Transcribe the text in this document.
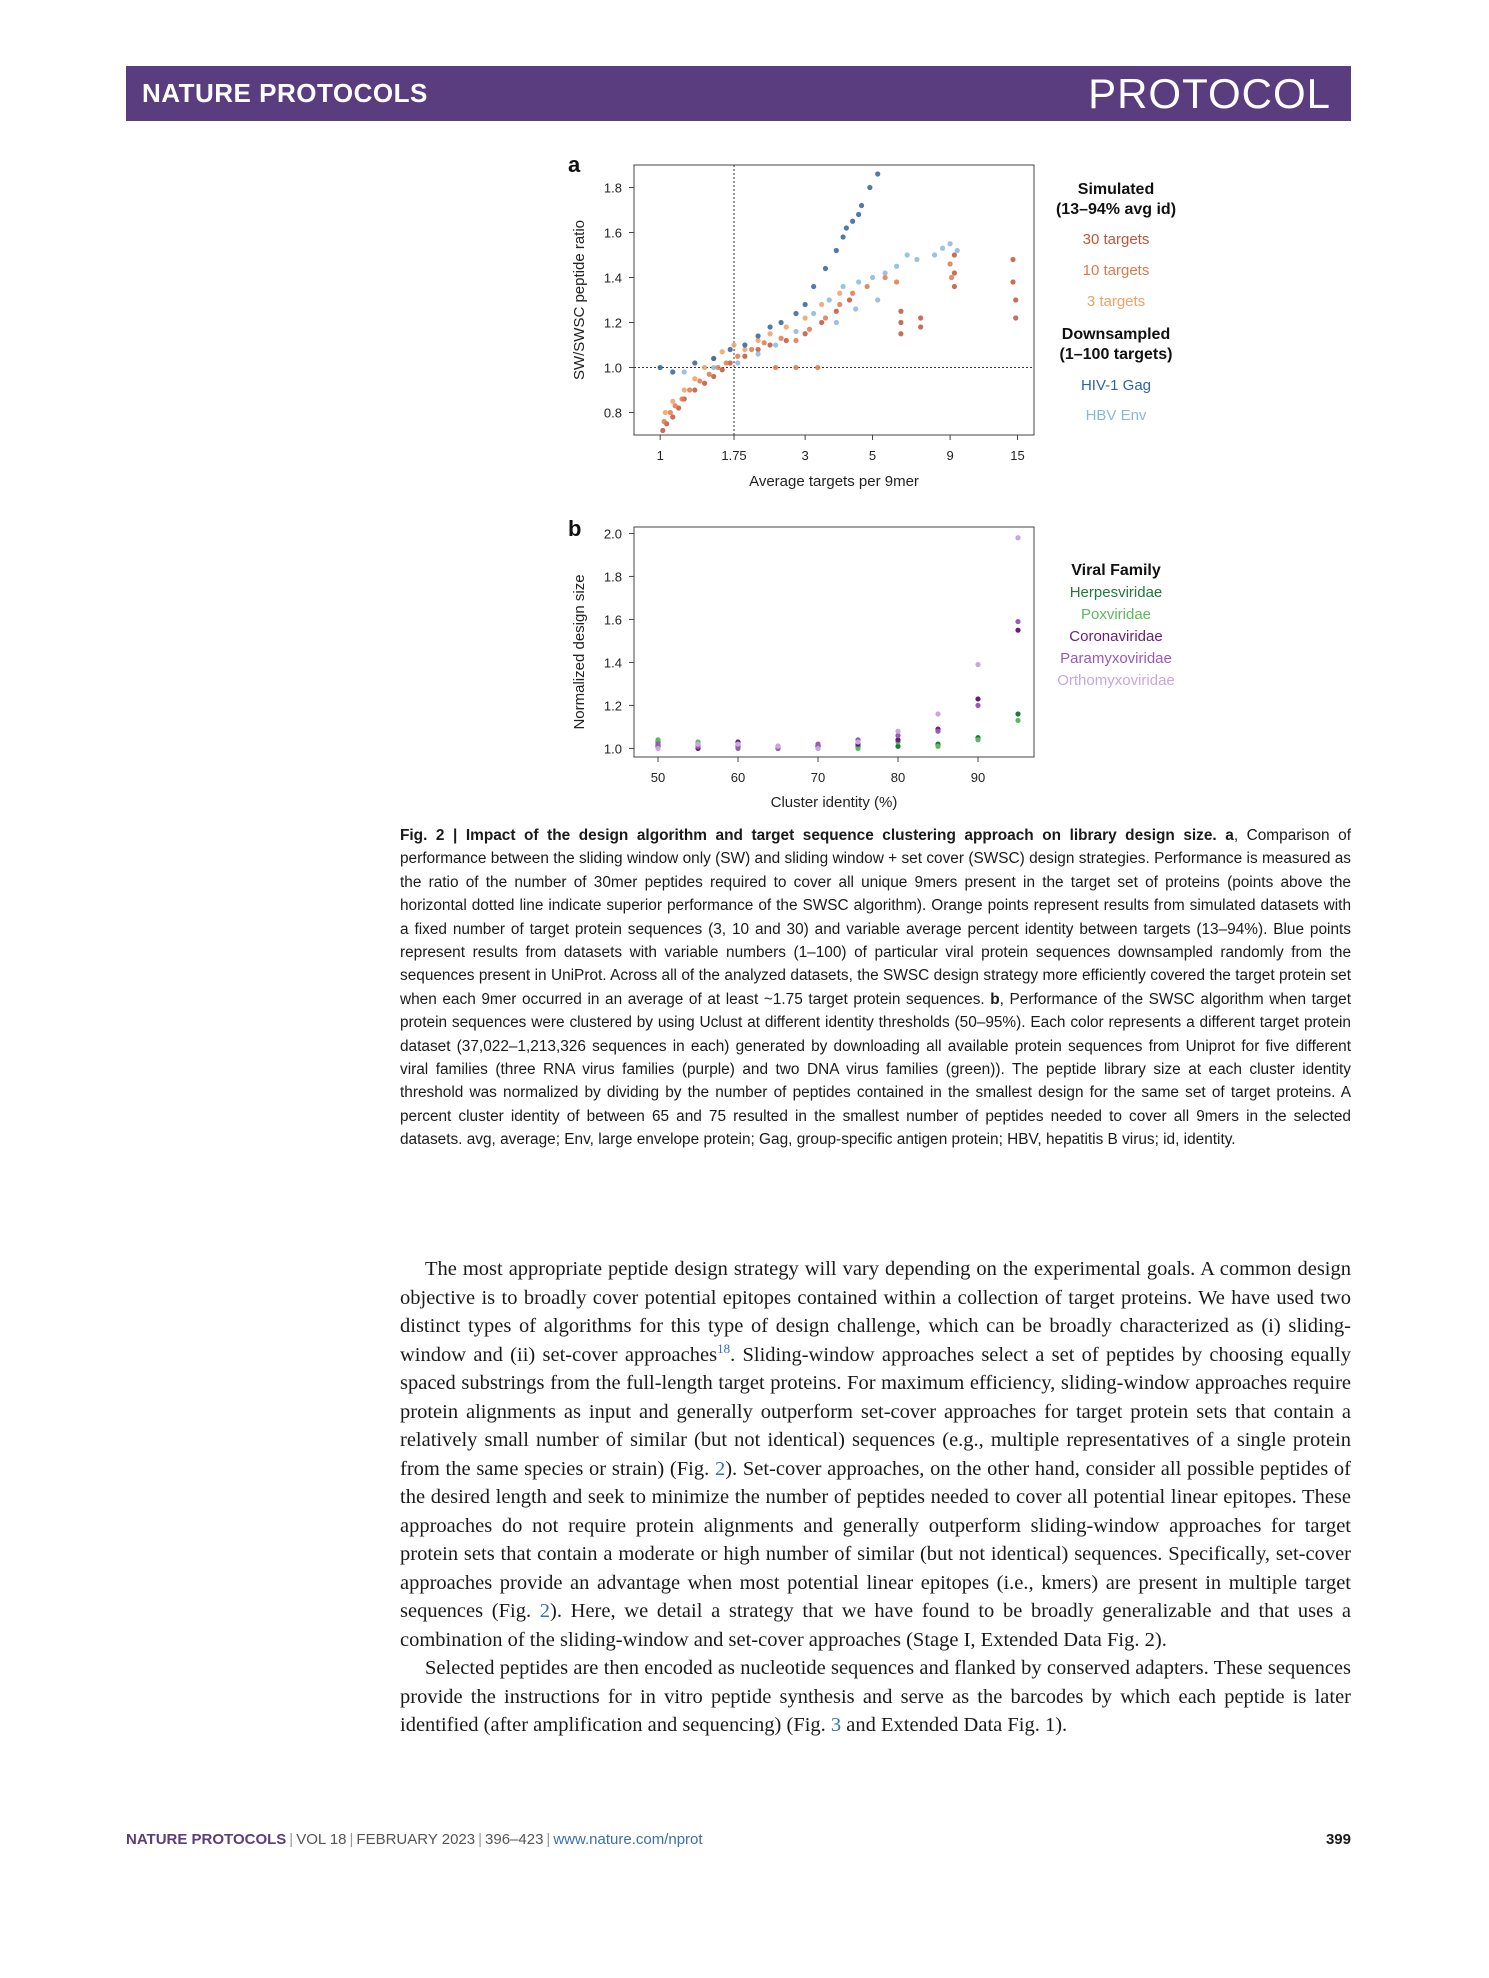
NATURE PROTOCOLS	PROTOCOL
a
0.8
1.0
1.2
1.4
1.6
1.8
1	1.75	3	5	9	15
Average targets per 9mer
SW/SWSC peptide ratio
Simulated
(13–94% avg id)
30 targets
10 targets
3 targets
Downsampled
(1–100 targets)
HIV-1 Gag
HBV Env
b
1.0
1.2
1.4
1.6
1.8
2.0
50	60	70	80	90
Cluster identity (%)
Normalized design size
Viral Family
Herpesviridae
Poxviridae
Coronaviridae
Paramyxoviridae
Orthomyxoviridae
Fig. 2 | Impact of the design algorithm and target sequence clustering approach on library design size. a, Comparison of performance between the sliding window only (SW) and sliding window + set cover (SWSC) design strategies. Performance is measured as the ratio of the number of 30mer peptides required to cover all unique 9mers present in the target set of proteins (points above the horizontal dotted line indicate superior performance of the SWSC algorithm). Orange points represent results from simulated datasets with a fixed number of target protein sequences (3, 10 and 30) and variable average percent identity between targets (13–94%). Blue points represent results from datasets with variable numbers (1–100) of particular viral protein sequences downsampled randomly from the sequences present in UniProt. Across all of the analyzed datasets, the SWSC design strategy more efficiently covered the target protein set when each 9mer occurred in an average of at least ~1.75 target protein sequences. b, Performance of the SWSC algorithm when target protein sequences were clustered by using Uclust at different identity thresholds (50–95%). Each color represents a different target protein dataset (37,022–1,213,326 sequences in each) generated by downloading all available protein sequences from Uniprot for five different viral families (three RNA virus families (purple) and two DNA virus families (green)). The peptide library size at each cluster identity threshold was normalized by dividing by the number of peptides contained in the smallest design for the same set of target proteins. A percent cluster identity of between 65 and 75 resulted in the smallest number of peptides needed to cover all 9mers in the selected datasets. avg, average; Env, large envelope protein; Gag, group-specific antigen protein; HBV, hepatitis B virus; id, identity.

The most appropriate peptide design strategy will vary depending on the experimental goals. A common design objective is to broadly cover potential epitopes contained within a collection of target proteins. We have used two distinct types of algorithms for this type of design challenge, which can be broadly characterized as (i) sliding-window and (ii) set-cover approaches$^{18}$. Sliding-window approaches select a set of peptides by choosing equally spaced substrings from the full-length target proteins. For maximum efficiency, sliding-window approaches require protein alignments as input and generally outperform set-cover approaches for target protein sets that contain a relatively small number of similar (but not identical) sequences (e.g., multiple representatives of a single protein from the same species or strain) (Fig. 2). Set-cover approaches, on the other hand, consider all possible peptides of the desired length and seek to minimize the number of peptides needed to cover all potential linear epitopes. These approaches do not require protein alignments and generally outperform sliding-window approaches for target protein sets that contain a moderate or high number of similar (but not identical) sequences. Specifically, set-cover approaches provide an advantage when most potential linear epitopes (i.e., kmers) are present in multiple target sequences (Fig. 2). Here, we detail a strategy that we have found to be broadly generalizable and that uses a combination of the sliding-window and set-cover approaches (Stage I, Extended Data Fig. 2).

Selected peptides are then encoded as nucleotide sequences and flanked by conserved adapters. These sequences provide the instructions for in vitro peptide synthesis and serve as the barcodes by which each peptide is later identified (after amplification and sequencing) (Fig. 3 and Extended Data Fig. 1).

NATURE PROTOCOLS | VOL 18 | FEBRUARY 2023 | 396–423 | www.nature.com/nprot	399
